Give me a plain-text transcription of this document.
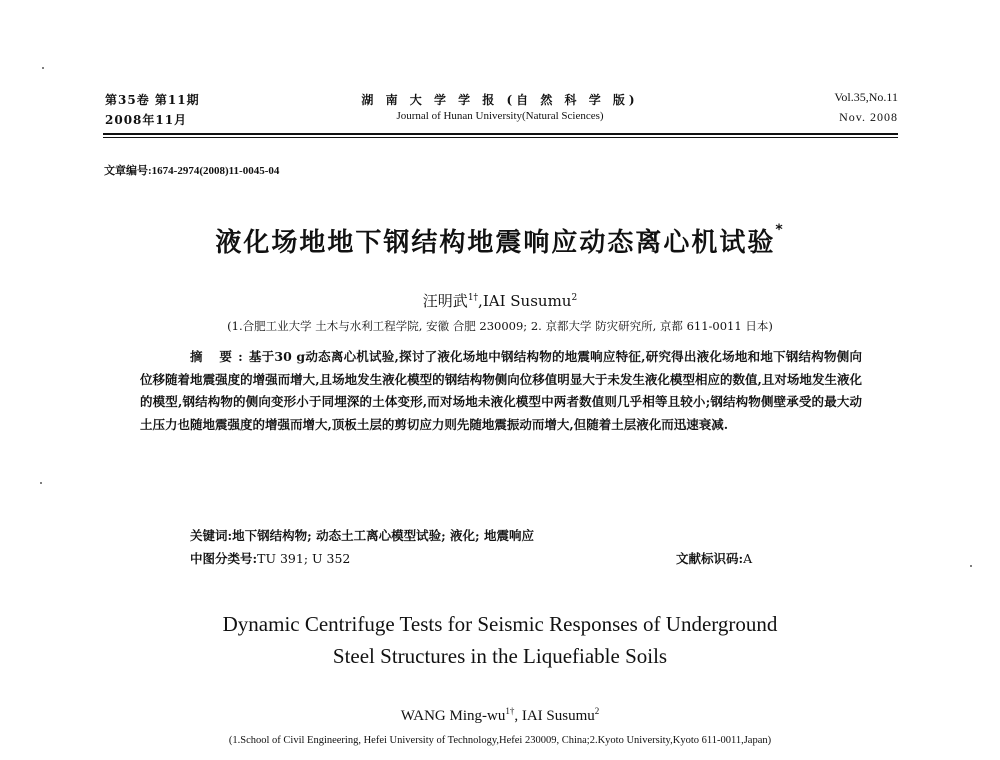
第35卷 第11期
2008年11月
湖 南 大 学 学 报 (自 然 科 学 版)
Journal of Hunan University(Natural Sciences)
Vol.35,No.11
Nov. 2008
文章编号:1674-2974(2008)11-0045-04
液化场地地下钢结构地震响应动态离心机试验*
汪明武$^{1\dagger}$,IAI Susumu$^2$
(1.合肥工业大学 土木与水利工程学院, 安徽 合肥 230009; 2. 京都大学 防灾研究所, 京都 611-0011 日本)

摘 要:基于30 g动态离心机试验,探讨了液化场地中钢结构物的地震响应特征,研究得出液化场地和地下钢结构物侧向位移随着地震强度的增强而增大,且场地发生液化模型的钢结构物侧向位移值明显大于未发生液化模型相应的数值,且对场地发生液化的模型,钢结构物的侧向变形小于同埋深的土体变形,而对场地未液化模型中两者数值则几乎相等且较小;钢结构物侧壁承受的最大动土压力也随地震强度的增强而增大,顶板土层的剪切应力则先随地震振动而增大,但随着土层液化而迅速衰减.

关键词:地下钢结构物; 动态土工离心模型试验; 液化; 地震响应
中图分类号:TU 391; U 352	文献标识码:A
Dynamic Centrifuge Tests for Seismic Responses of Underground
Steel Structures in the Liquefiable Soils
WANG Ming-$wu^{1\dagger}$, IAI Susumu$^2$
(1.School of Civil Engineering, Hefei University of Technology,Hefei 230009, China;2.Kyoto University,Kyoto 611-0011,Japan)
